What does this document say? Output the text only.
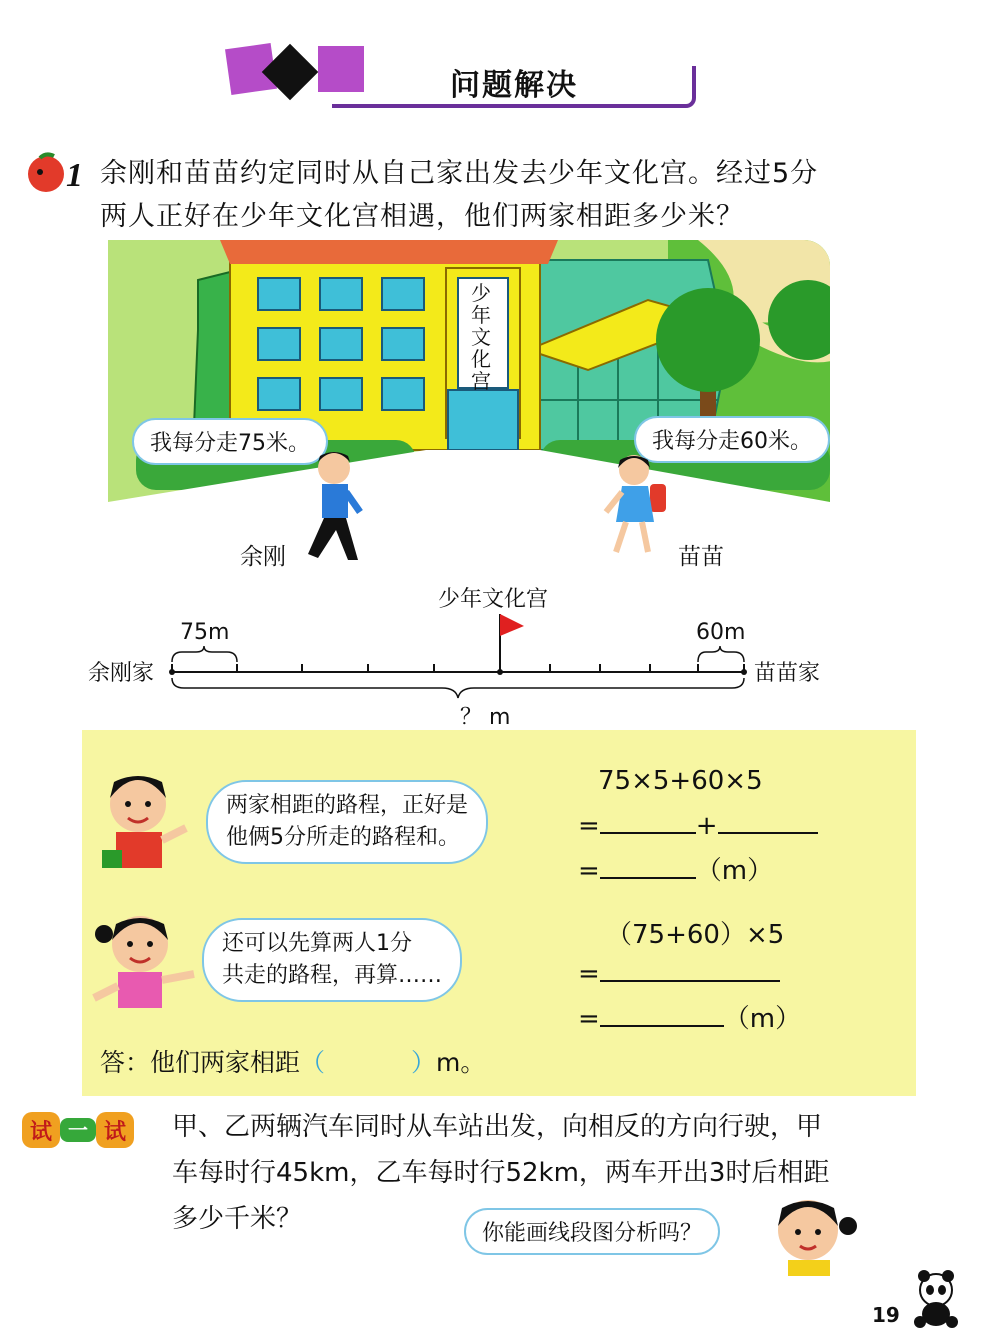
问题解决
1 余刚和苗苗约定同时从自己家出发去少年文化宫。经过5分
两人正好在少年文化宫相遇，他们两家相距多少米？
少
年
文
化
宫
我每分走75米。	我每分走60米。
余刚	苗苗
少年文化宫
75m	60m
余刚家	苗苗家
？ m
两家相距的路程，正好是
他俩5分所走的路程和。
75×5+60×5
=	+
=	（m）
还可以先算两人1分
共走的路程，再算……
（75+60）×5
=
=	（m）
答：他们两家相距（	）m。
试 一 试 甲、乙两辆汽车同时从车站出发，向相反的方向行驶，甲
车每时行45km，乙车每时行52km，两车开出3时后相距
多少千米？	你能画线段图分析吗？
19
